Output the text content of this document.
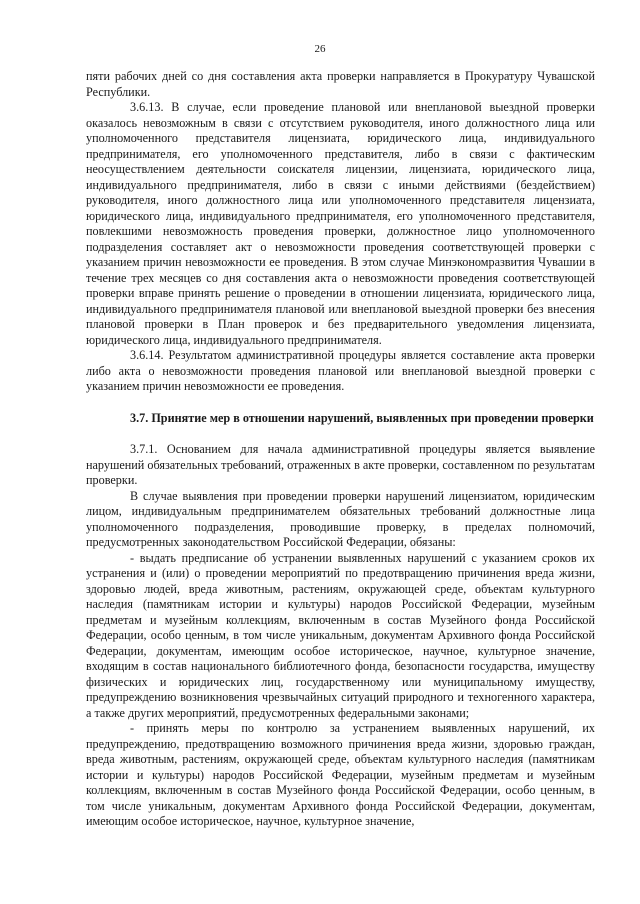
26

пяти рабочих дней со дня составления акта проверки направляется в Прокуратуру Чувашской Республики.

3.6.13. В случае, если проведение плановой или внеплановой выездной проверки оказалось невозможным в связи с отсутствием руководителя, иного должностного лица или уполномоченного представителя лицензиата, юридического лица, индивидуального предпринимателя, его уполномоченного представителя, либо в связи с фактическим неосуществлением деятельности соискателя лицензии, лицензиата, юридического лица, индивидуального предпринимателя, либо в связи с иными действиями (бездействием) руководителя, иного должностного лица или уполномоченного представителя лицензиата, юридического лица, индивидуального предпринимателя, его уполномоченного представителя, повлекшими невозможность проведения проверки, должностное лицо уполномоченного подразделения составляет акт о невозможности проведения соответствующей проверки с указанием причин невозможности ее проведения. В этом случае Минэкономразвития Чувашии в течение трех месяцев со дня составления акта о невозможности проведения соответствующей проверки вправе принять решение о проведении в отношении лицензиата, юридического лица, индивидуального предпринимателя плановой или внеплановой выездной проверки без внесения плановой проверки в План проверок и без предварительного уведомления лицензиата, юридического лица, индивидуального предпринимателя.

3.6.14. Результатом административной процедуры является составление акта проверки либо акта о невозможности проведения плановой или внеплановой выездной проверки с указанием причин невозможности ее проведения.

3.7. Принятие мер в отношении нарушений, выявленных при проведении проверки

3.7.1. Основанием для начала административной процедуры является выявление нарушений обязательных требований, отраженных в акте проверки, составленном по результатам проверки.

В случае выявления при проведении проверки нарушений лицензиатом, юридическим лицом, индивидуальным предпринимателем обязательных требований должностные лица уполномоченного подразделения, проводившие проверку, в пределах полномочий, предусмотренных законодательством Российской Федерации, обязаны:

- выдать предписание об устранении выявленных нарушений с указанием сроков их устранения и (или) о проведении мероприятий по предотвращению причинения вреда жизни, здоровью людей, вреда животным, растениям, окружающей среде, объектам культурного наследия (памятникам истории и культуры) народов Российской Федерации, музейным предметам и музейным коллекциям, включенным в состав Музейного фонда Российской Федерации, особо ценным, в том числе уникальным, документам Архивного фонда Российской Федерации, документам, имеющим особое историческое, научное, культурное значение, входящим в состав национального библиотечного фонда, безопасности государства, имуществу физических и юридических лиц, государственному или муниципальному имуществу, предупреждению возникновения чрезвычайных ситуаций природного и техногенного характера, а также других мероприятий, предусмотренных федеральными законами;

- принять меры по контролю за устранением выявленных нарушений, их предупреждению, предотвращению возможного причинения вреда жизни, здоровью граждан, вреда животным, растениям, окружающей среде, объектам культурного наследия (памятникам истории и культуры) народов Российской Федерации, музейным предметам и музейным коллекциям, включенным в состав Музейного фонда Российской Федерации, особо ценным, в том числе уникальным, документам Архивного фонда Российской Федерации, документам, имеющим особое историческое, научное, культурное значение,
